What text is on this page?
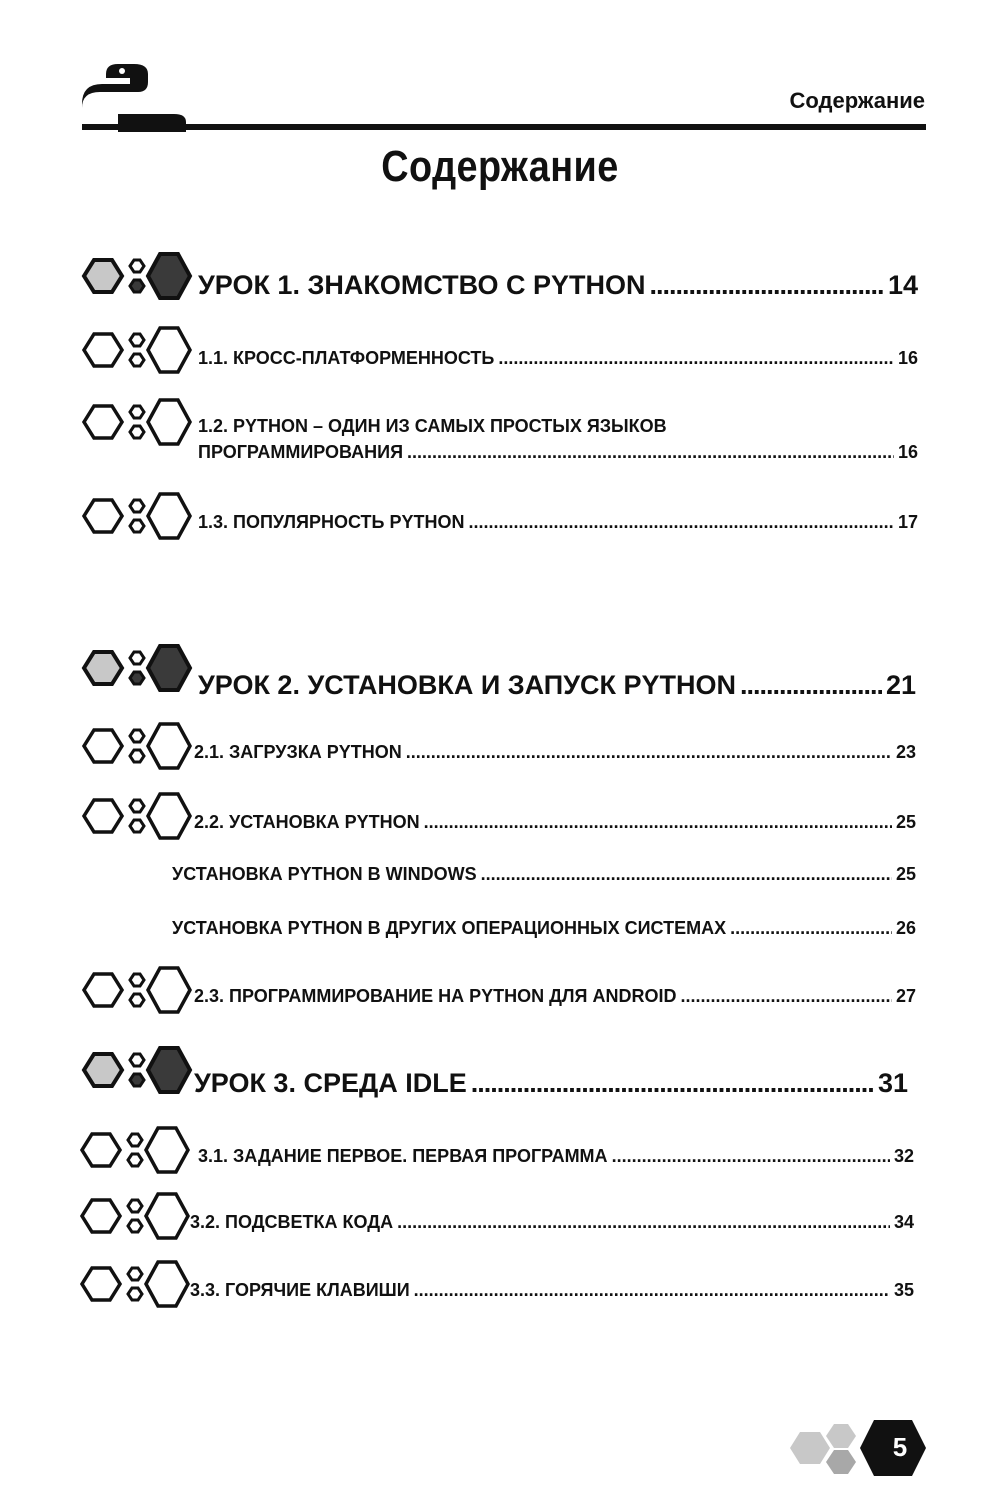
Содержание
Содержание
УРОК 1. ЗНАКОМСТВО С PYTHON .....	14
1.1. КРОСС-ПЛАТФОРМЕННОСТЬ .....	16
1.2. PYTHON – ОДИН ИЗ САМЫХ ПРОСТЫХ ЯЗЫКОВ
ПРОГРАММИРОВАНИЯ .....	16
1.3. ПОПУЛЯРНОСТЬ PYTHON .....	17
УРОК 2. УСТАНОВКА И ЗАПУСК PYTHON .....	21
2.1. ЗАГРУЗКА PYTHON .....	23
2.2. УСТАНОВКА PYTHON .....	25
УСТАНОВКА PYTHON В WINDOWS .....	25
УСТАНОВКА PYTHON В ДРУГИХ ОПЕРАЦИОННЫХ СИСТЕМАХ .....	26
2.3. ПРОГРАММИРОВАНИЕ НА PYTHON ДЛЯ ANDROID .....	27
УРОК 3. СРЕДА IDLE .....	31
3.1. ЗАДАНИЕ ПЕРВОЕ. ПЕРВАЯ ПРОГРАММА .....	32
3.2. ПОДСВЕТКА КОДА .....	34
3.3. ГОРЯЧИЕ КЛАВИШИ .....	35
5
